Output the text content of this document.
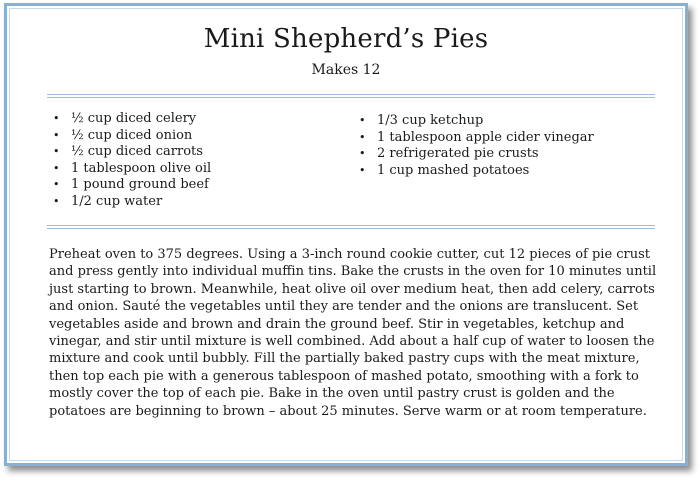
Mini Shepherd’s Pies
Makes 12
• ½ cup diced celery
• ½ cup diced onion
• ½ cup diced carrots
• 1 tablespoon olive oil
• 1 pound ground beef
• 1/2 cup water
• 1/3 cup ketchup
• 1 tablespoon apple cider vinegar
• 2 refrigerated pie crusts
• 1 cup mashed potatoes

Preheat oven to 375 degrees. Using a 3-inch round cookie cutter, cut 12 pieces of pie crust and press gently into individual muffin tins. Bake the crusts in the oven for 10 minutes until just starting to brown. Meanwhile, heat olive oil over medium heat, then add celery, carrots and onion. Sauté the vegetables until they are tender and the onions are translucent. Set vegetables aside and brown and drain the ground beef. Stir in vegetables, ketchup and vinegar, and stir until mixture is well combined. Add about a half cup of water to loosen the mixture and cook until bubbly. Fill the partially baked pastry cups with the meat mixture, then top each pie with a generous tablespoon of mashed potato, smoothing with a fork to mostly cover the top of each pie. Bake in the oven until pastry crust is golden and the potatoes are beginning to brown – about 25 minutes. Serve warm or at room temperature.
